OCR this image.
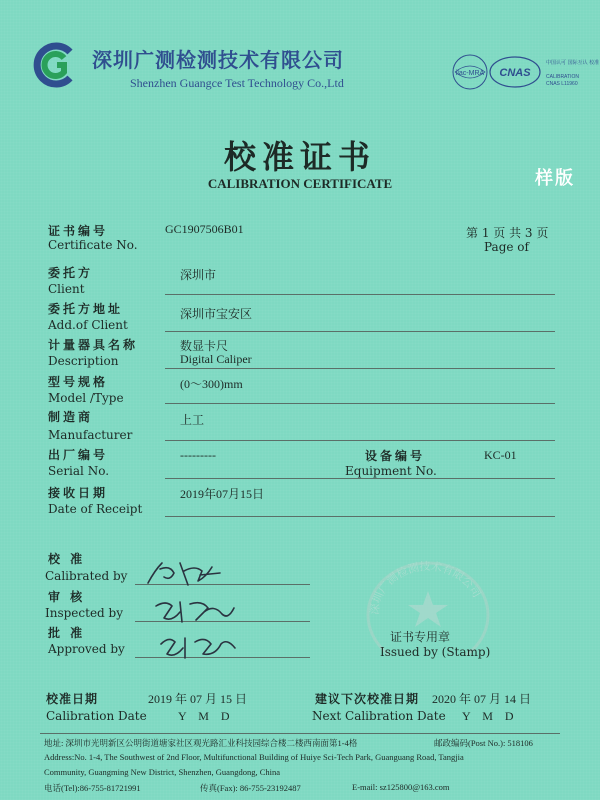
深圳广测检测技术有限公司
Shenzhen Guangce Test Technology Co.,Ltd
ilac-MRA CNAS
中国认可 国际互认 校准
CALIBRATION
CNAS L11960
校准证书
CALIBRATION CERTIFICATE	样版
证书编号
Certificate No.
GC1907506B01	第 1 页 共 3 页
Page of
委托方
Client
深圳市
委托方地址
Add.of Client
深圳市宝安区
计量器具名称
Description
数显卡尺
Digital Caliper
型号规格
Model /Type
(0～300)mm
制造商
Manufacturer
上工
出厂编号
Serial No.
---------	设备编号
Equipment No.
KC-01
接收日期
Date of Receipt
2019年07月15日
校 准
Calibrated by
审 核
Inspected by
批 准
Approved by
深圳广测检测技术有限公司
证书专用章
Issued by (Stamp)
校准日期
Calibration Date
2019 年 07 月 15 日
Y    M    D
建议下次校准日期
Next Calibration Date
2020 年 07 月 14 日
Y    M    D
地址: 深圳市光明新区公明街道塘家社区观光路汇业科技园综合楼二楼西南面第1-4格	邮政编码(Post No.): 518106
Address:No. 1-4, The Southwest of 2nd Floor, Multifunctional Building of Huiye Sci-Tech Park, Guanguang Road, Tangjia
Community, Guangming New District, Shenzhen, Guangdong, China
电话(Tel):86-755-81721991	传真(Fax): 86-755-23192487	E-mail: sz125800@163.com
